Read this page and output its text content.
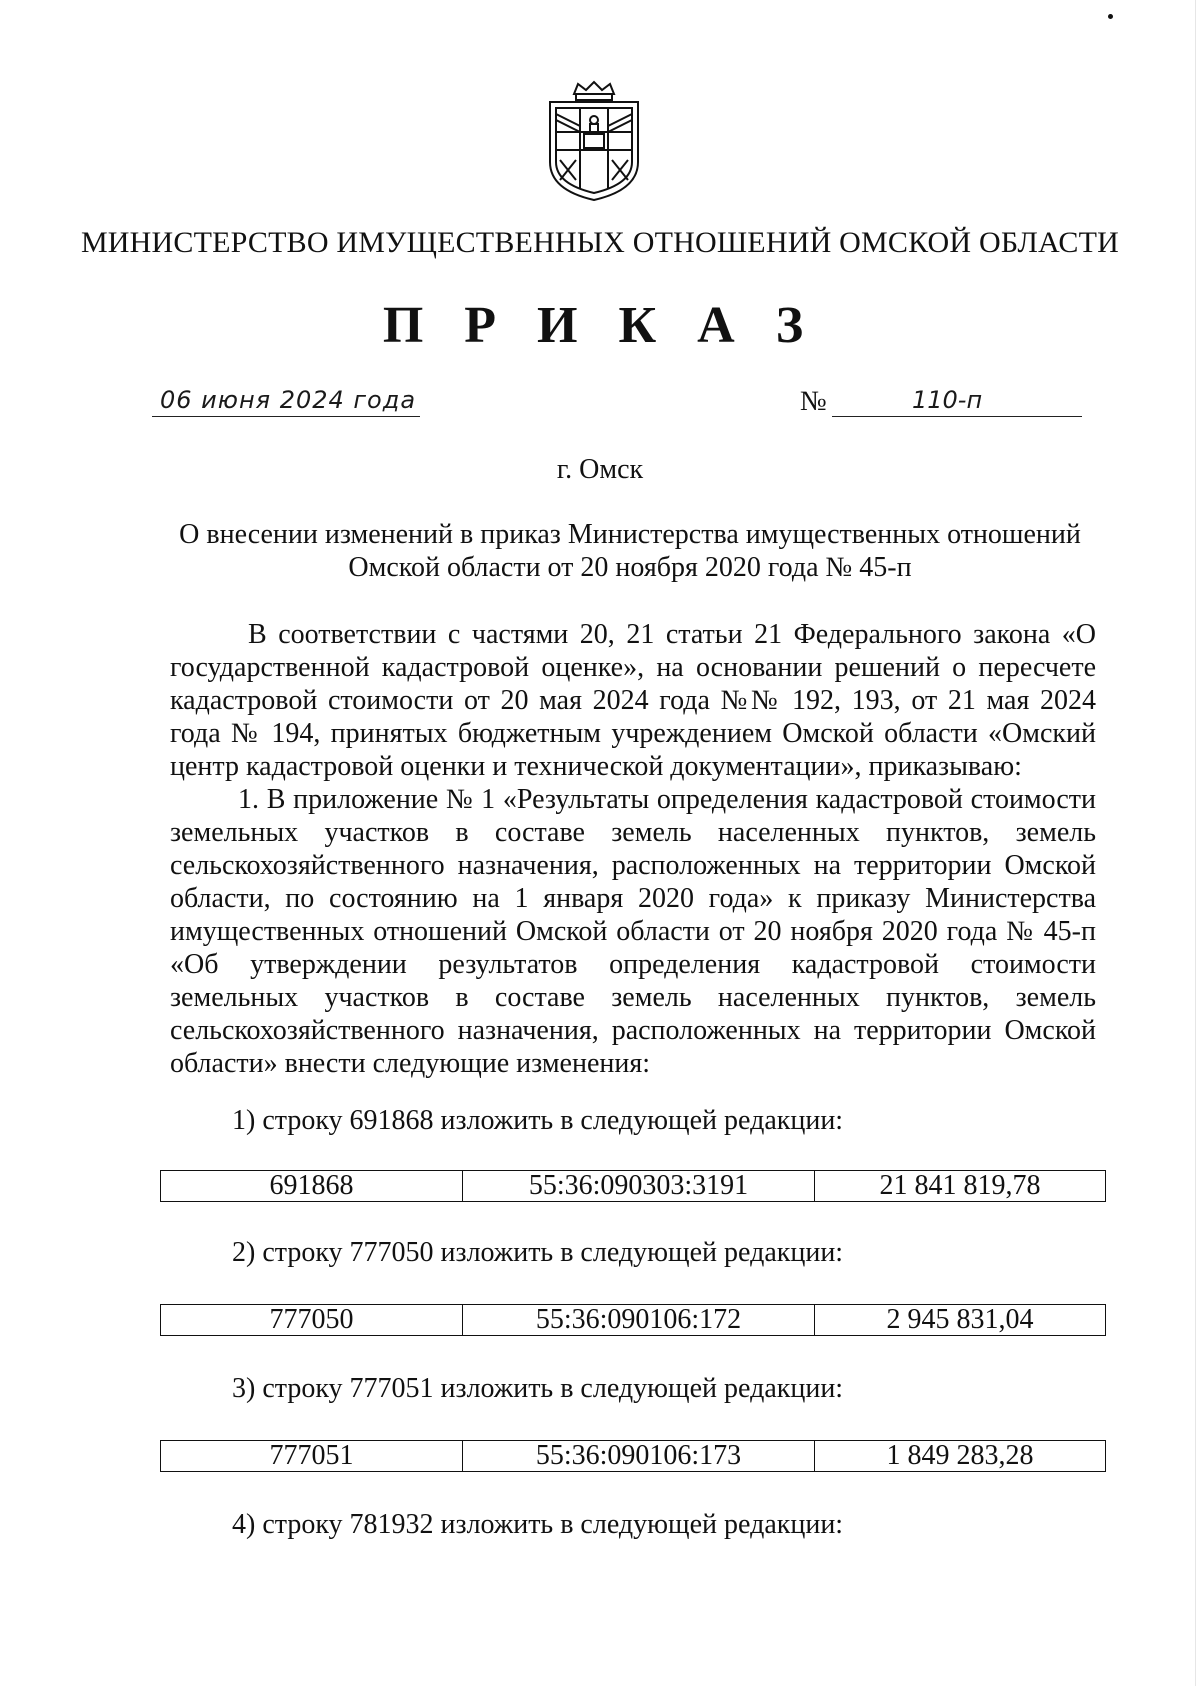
МИНИСТЕРСТВО ИМУЩЕСТВЕННЫХ ОТНОШЕНИЙ ОМСКОЙ ОБЛАСТИ
П Р И К А З
06 июня 2024 года	№	110-п
г. Омск
О внесении изменений в приказ Министерства имущественных отношений
Омской области от 20 ноября 2020 года № 45-п

В соответствии с частями 20, 21 статьи 21 Федерального закона «О государственной кадастровой оценке», на основании решений о пересчете кадастровой стоимости от 20 мая 2024 года №№ 192, 193, от 21 мая 2024 года № 194, принятых бюджетным учреждением Омской области «Омский центр кадастровой оценки и технической документации», приказываю:

1. В приложение № 1 «Результаты определения кадастровой стоимости земельных участков в составе земель населенных пунктов, земель сельскохозяйственного назначения, расположенных на территории Омской области, по состоянию на 1 января 2020 года» к приказу Министерства имущественных отношений Омской области от 20 ноября 2020 года № 45-п «Об утверждении результатов определения кадастровой стоимости земельных участков в составе земель населенных пунктов, земель сельскохозяйственного назначения, расположенных на территории Омской области» внести следующие изменения:

1) строку 691868 изложить в следующей редакции:
691868	55:36:090303:3191	21 841 819,78
2) строку 777050 изложить в следующей редакции:
777050	55:36:090106:172	2 945 831,04
3) строку 777051 изложить в следующей редакции:
777051	55:36:090106:173	1 849 283,28
4) строку 781932 изложить в следующей редакции:
